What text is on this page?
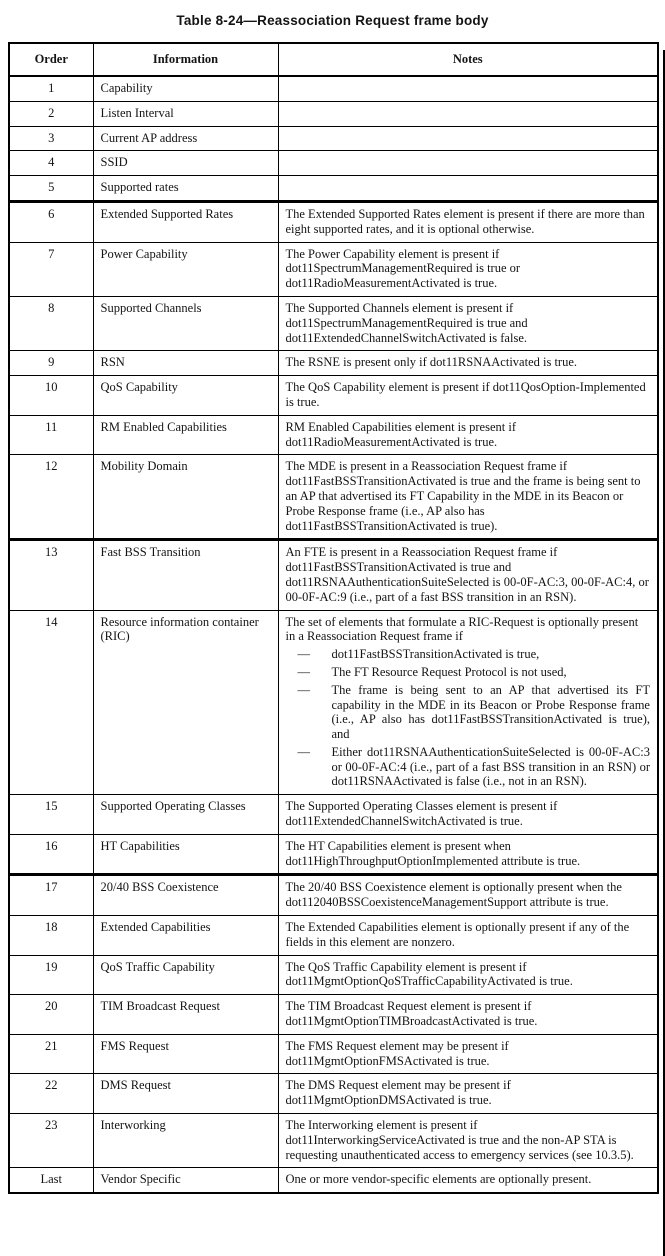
Table 8-24—Reassociation Request frame body
Order	Information	Notes
1	Capability	
2	Listen Interval	
3	Current AP address	
4	SSID	
5	Supported rates	
6	Extended Supported Rates	The Extended Supported Rates element is present if there are more than eight supported rates, and it is optional otherwise.
7	Power Capability	The Power Capability element is present if dot11SpectrumManagementRequired is true or dot11RadioMeasurementActivated is true.
8	Supported Channels	The Supported Channels element is present if dot11SpectrumManagementRequired is true and dot11ExtendedChannelSwitchActivated is false.
9	RSN	The RSNE is present only if dot11RSNAActivated is true.
10	QoS Capability	The QoS Capability element is present if dot11QosOption-Implemented is true.
11	RM Enabled Capabilities	RM Enabled Capabilities element is present if dot11RadioMeasurementActivated is true.
12	Mobility Domain	The MDE is present in a Reassociation Request frame if dot11FastBSSTransitionActivated is true and the frame is being sent to an AP that advertised its FT Capability in the MDE in its Beacon or Probe Response frame (i.e., AP also has dot11FastBSSTransitionActivated is true).
13	Fast BSS Transition	An FTE is present in a Reassociation Request frame if dot11FastBSSTransitionActivated is true and dot11RSNAAuthenticationSuiteSelected is 00-0F-AC:3, 00-0F-AC:4, or 00-0F-AC:9 (i.e., part of a fast BSS transition in an RSN).
14	Resource information container (RIC)	
The set of elements that formulate a RIC-Request is optionally present in a Reassociation Request frame if
—	dot11FastBSSTransitionActivated is true,
—	The FT Resource Request Protocol is not used,
—	The frame is being sent to an AP that advertised its FT capability in the MDE in its Beacon or Probe Response frame (i.e., AP also has dot11FastBSSTransitionActivated is true), and
—	Either dot11RSNAAuthenticationSuiteSelected is 00-0F-AC:3 or 00-0F-AC:4 (i.e., part of a fast BSS transition in an RSN) or dot11RSNAActivated is false (i.e., not in an RSN).

15	Supported Operating Classes	The Supported Operating Classes element is present if dot11ExtendedChannelSwitchActivated is true.
16	HT Capabilities	The HT Capabilities element is present when dot11HighThroughputOptionImplemented attribute is true.
17	20/40 BSS Coexistence	The 20/40 BSS Coexistence element is optionally present when the dot112040BSSCoexistenceManagementSupport attribute is true.
18	Extended Capabilities	The Extended Capabilities element is optionally present if any of the fields in this element are nonzero.
19	QoS Traffic Capability	The QoS Traffic Capability element is present if dot11MgmtOptionQoSTrafficCapabilityActivated is true.
20	TIM Broadcast Request	The TIM Broadcast Request element is present if dot11MgmtOptionTIMBroadcastActivated is true.
21	FMS Request	The FMS Request element may be present if dot11MgmtOptionFMSActivated is true.
22	DMS Request	The DMS Request element may be present if dot11MgmtOptionDMSActivated is true.
23	Interworking	The Interworking element is present if dot11InterworkingServiceActivated is true and the non-AP STA is requesting unauthenticated access to emergency services (see 10.3.5).
Last	Vendor Specific	One or more vendor-specific elements are optionally present.
